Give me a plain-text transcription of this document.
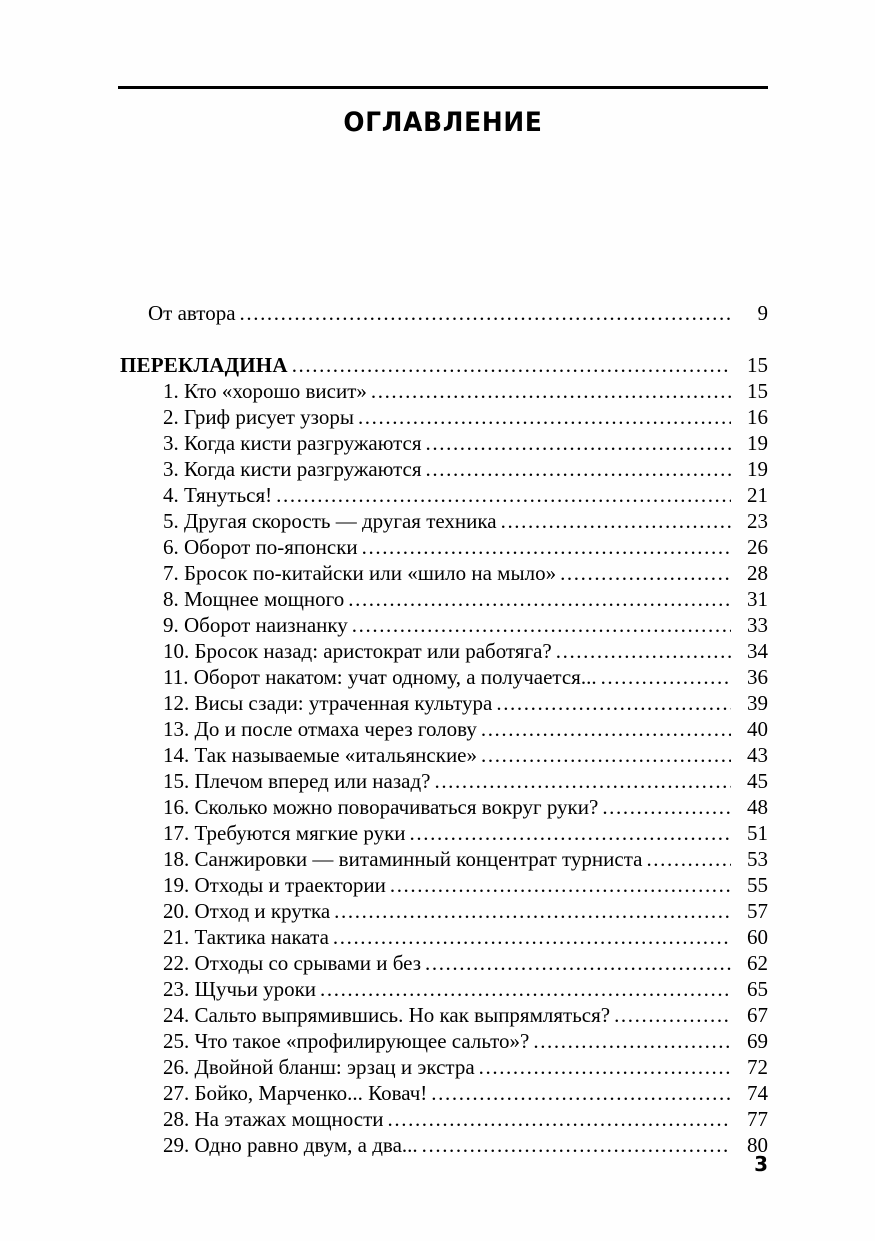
ОГЛАВЛЕНИЕ
От автора .....	9
ПЕРЕКЛАДИНА .....	15
1. Кто «хорошо висит» .....	15
2. Гриф рисует узоры .....	16
3. Когда кисти разгружаются .....	19
3. Когда кисти разгружаются .....	19
4. Тянуться! .....	21
5. Другая скорость — другая техника .....	23
6. Оборот по-японски .....	26
7. Бросок по-китайски или «шило на мыло» .....	28
8. Мощнее мощного .....	31
9. Оборот наизнанку .....	33
10. Бросок назад: аристократ или работяга? .....	34
11. Оборот накатом: учат одному, а получается... .....	36
12. Висы сзади: утраченная культура .....	39
13. До и после отмаха через голову .....	40
14. Так называемые «итальянские» .....	43
15. Плечом вперед или назад? .....	45
16. Сколько можно поворачиваться вокруг руки? .....	48
17. Требуются мягкие руки .....	51
18. Санжировки — витаминный концентрат турниста .....	53
19. Отходы и траектории .....	55
20. Отход и крутка .....	57
21. Тактика наката .....	60
22. Отходы со срывами и без .....	62
23. Щучьи уроки .....	65
24. Сальто выпрямившись. Но как выпрямляться? .....	67
25. Что такое «профилирующее сальто»? .....	69
26. Двойной бланш: эрзац и экстра .....	72
27. Бойко, Марченко... Ковач! .....	74
28. На этажах мощности .....	77
29. Одно равно двум, а два... .....	80
3
